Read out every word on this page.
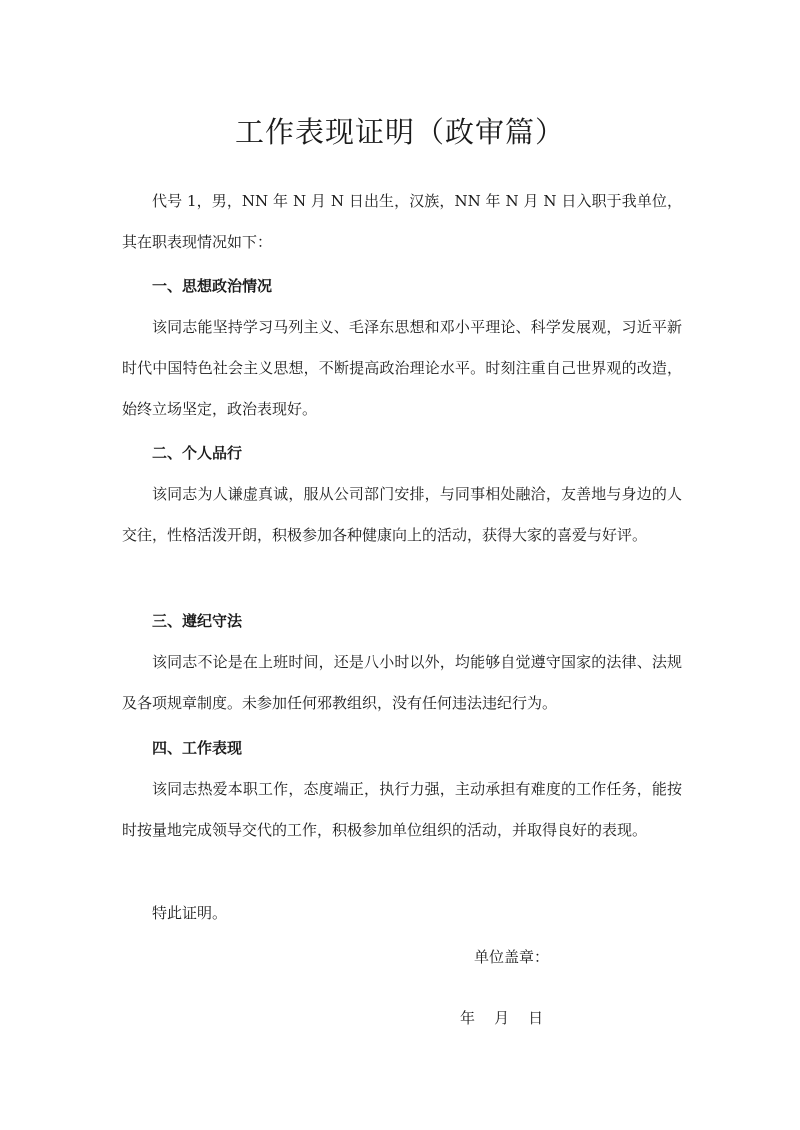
工作表现证明（政审篇）

代号 1，男，NN 年 N 月 N 日出生，汉族，NN 年 N 月 N 日入职于我单位，其在职表现情况如下：

一、思想政治情况

该同志能坚持学习马列主义、毛泽东思想和邓小平理论、科学发展观，习近平新时代中国特色社会主义思想，不断提高政治理论水平。时刻注重自己世界观的改造，始终立场坚定，政治表现好。

二、个人品行

该同志为人谦虚真诚，服从公司部门安排，与同事相处融洽，友善地与身边的人交往，性格活泼开朗，积极参加各种健康向上的活动，获得大家的喜爱与好评。

三、遵纪守法

该同志不论是在上班时间，还是八小时以外，均能够自觉遵守国家的法律、法规及各项规章制度。未参加任何邪教组织，没有任何违法违纪行为。

四、工作表现

该同志热爱本职工作，态度端正，执行力强，主动承担有难度的工作任务，能按时按量地完成领导交代的工作，积极参加单位组织的活动，并取得良好的表现。

特此证明。

单位盖章：

年    月    日
